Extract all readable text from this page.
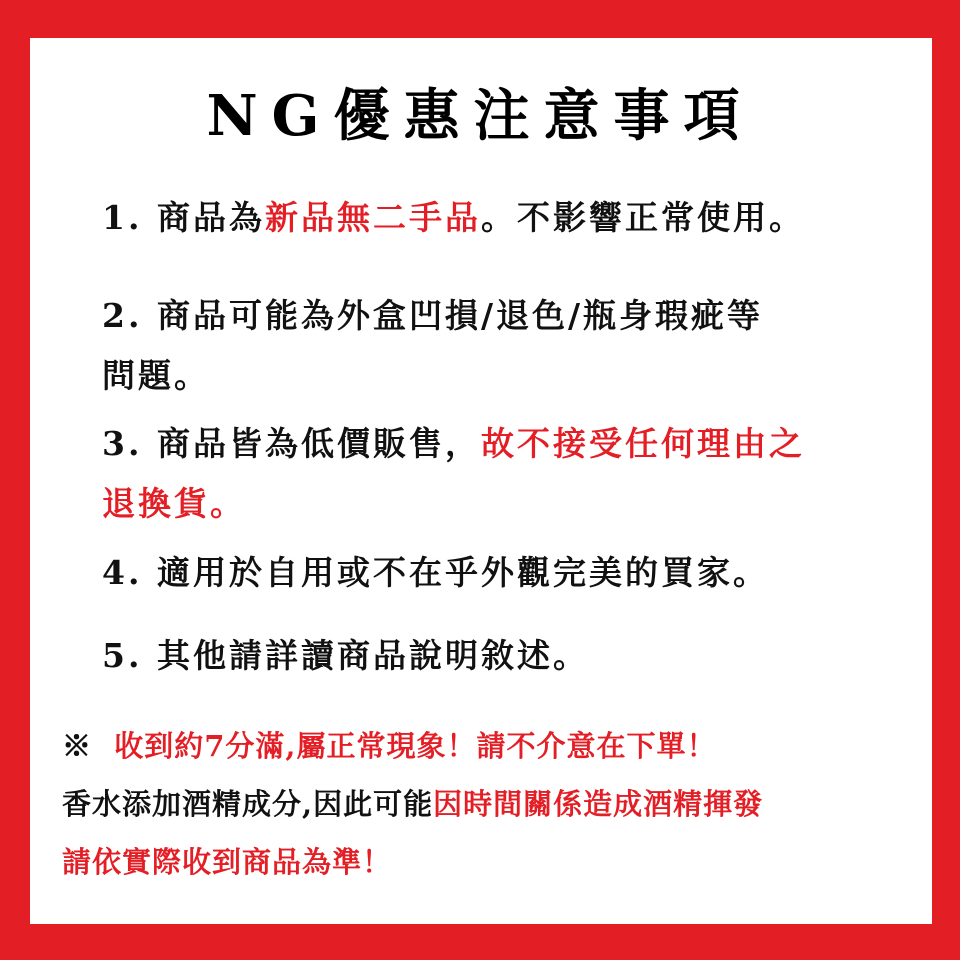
NG優惠注意事項
1. 商品為新品無二手品。不影響正常使用。
2. 商品可能為外盒凹損/退色/瓶身瑕疵等
問題。
3. 商品皆為低價販售，故不接受任何理由之
退換貨。
4. 適用於自用或不在乎外觀完美的買家。
5. 其他請詳讀商品說明敘述。
※ 收到約7分滿,屬正常現象！請不介意在下單！
香水添加酒精成分,因此可能因時間關係造成酒精揮發
請依實際收到商品為準！
